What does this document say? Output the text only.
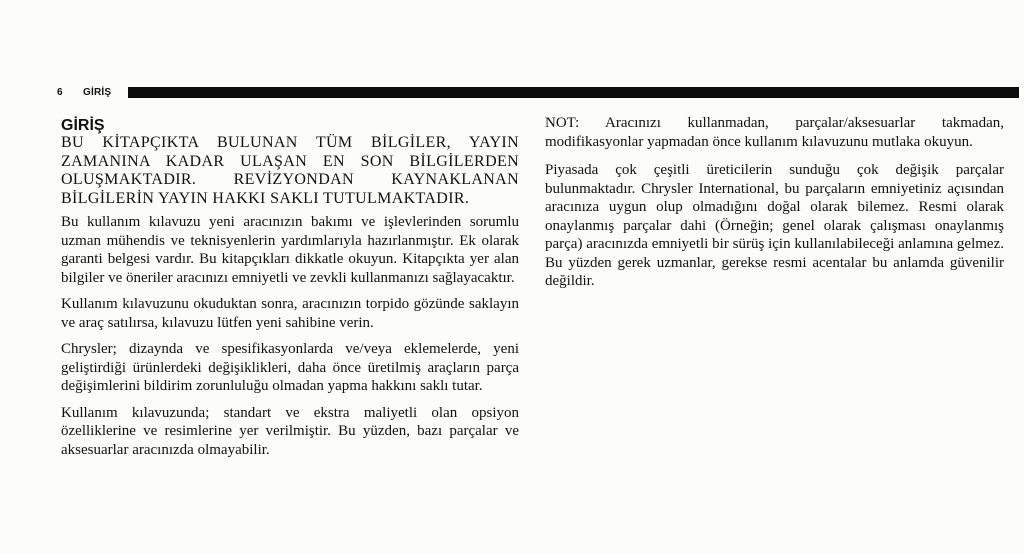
6 GİRİŞ
GİRİŞ
BU KİTAPÇIKTA BULUNAN TÜM BİLGİLER, YAYIN ZAMANINA KADAR ULAŞAN EN SON BİLGİLERDEN OLUŞMAKTADIR. REVİZYONDAN KAYNAKLANAN BİLGİLERİN YAYIN HAKKI SAKLI TUTULMAKTADIR.

Bu kullanım kılavuzu yeni aracınızın bakımı ve işlevlerinden sorumlu uzman mühendis ve teknisyenlerin yardımlarıyla hazırlanmıştır. Ek olarak garanti belgesi vardır. Bu kitapçıkları dikkatle okuyun. Kitapçıkta yer alan bilgiler ve öneriler aracınızı emniyetli ve zevkli kullanmanızı sağlayacaktır.

Kullanım kılavuzunu okuduktan sonra, aracınızın torpido gözünde saklayın ve araç satılırsa, kılavuzu lütfen yeni sahibine verin.

Chrysler; dizaynda ve spesifikasyonlarda ve/veya eklemelerde, yeni geliştirdiği ürünlerdeki değişiklikleri, daha önce üretilmiş araçların parça değişimlerini bildirim zorunluluğu olmadan yapma hakkını saklı tutar.

Kullanım kılavuzunda; standart ve ekstra maliyetli olan opsiyon özelliklerine ve resimlerine yer verilmiştir. Bu yüzden, bazı parçalar ve aksesuarlar aracınızda olmayabilir.

NOT: Aracınızı kullanmadan, parçalar/aksesuarlar takmadan, modifikasyonlar yapmadan önce kullanım kılavuzunu mutlaka okuyun.

Piyasada çok çeşitli üreticilerin sunduğu çok değişik parçalar bulunmaktadır. Chrysler International, bu parçaların emniyetiniz açısından aracınıza uygun olup olmadığını doğal olarak bilemez. Resmi olarak onaylanmış parçalar dahi (Örneğin; genel olarak çalışması onaylanmış parça) aracınızda emniyetli bir sürüş için kullanılabileceği anlamına gelmez. Bu yüzden gerek uzmanlar, gerekse resmi acentalar bu anlamda güvenilir değildir.
